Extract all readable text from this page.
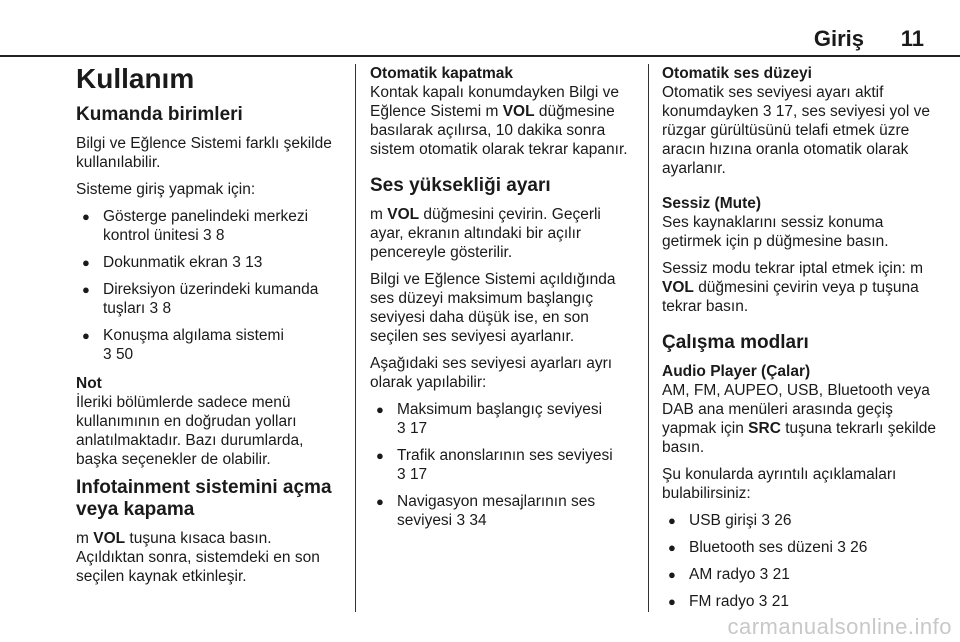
Giriş 11
Kullanım
Kumanda birimleri

Bilgi ve Eğlence Sistemi farklı şekilde kullanılabilir.

Sisteme giriş yapmak için:

● Gösterge panelindeki merkezi kontrol ünitesi 3 8
● Dokunmatik ekran 3 13
● Direksiyon üzerindeki kumanda tuşları 3 8
● Konuşma algılama sistemi
3 50
Not

İleriki bölümlerde sadece menü kullanımının en doğrudan yolları anlatılmaktadır. Bazı durumlarda, başka seçenekler de olabilir.

Infotainment sistemini açma veya kapama

m VOL tuşuna kısaca basın.
Açıldıktan sonra, sistemdeki en son seçilen kaynak etkinleşir.

Otomatik kapatmak

Kontak kapalı konumdayken Bilgi ve Eğlence Sistemi m VOL düğmesine basılarak açılırsa, 10 dakika sonra sistem otomatik olarak tekrar kapanır.

Ses yüksekliği ayarı

m VOL düğmesini çevirin. Geçerli ayar, ekranın altındaki bir açılır pencereyle gösterilir.

Bilgi ve Eğlence Sistemi açıldığında ses düzeyi maksimum başlangıç seviyesi daha düşük ise, en son seçilen ses seviyesi ayarlanır.

Aşağıdaki ses seviyesi ayarları ayrı olarak yapılabilir:

● Maksimum başlangıç seviyesi
3 17
● Trafik anonslarının ses seviyesi
3 17
● Navigasyon mesajlarının ses seviyesi 3 34
Otomatik ses düzeyi

Otomatik ses seviyesi ayarı aktif konumdayken 3 17, ses seviyesi yol ve rüzgar gürültüsünü telafi etmek üzre aracın hızına oranla otomatik olarak ayarlanır.

Sessiz (Mute)

Ses kaynaklarını sessiz konuma getirmek için p düğmesine basın.

Sessiz modu tekrar iptal etmek için: m VOL düğmesini çevirin veya p tuşuna tekrar basın.

Çalışma modları
Audio Player (Çalar)

AM, FM, AUPEO, USB, Bluetooth veya DAB ana menüleri arasında geçiş yapmak için SRC tuşuna tekrarlı şekilde basın.

Şu konularda ayrıntılı açıklamaları bulabilirsiniz:

● USB girişi 3 26
● Bluetooth ses düzeni 3 26
● AM radyo 3 21
● FM radyo 3 21
carmanualsonline.info
